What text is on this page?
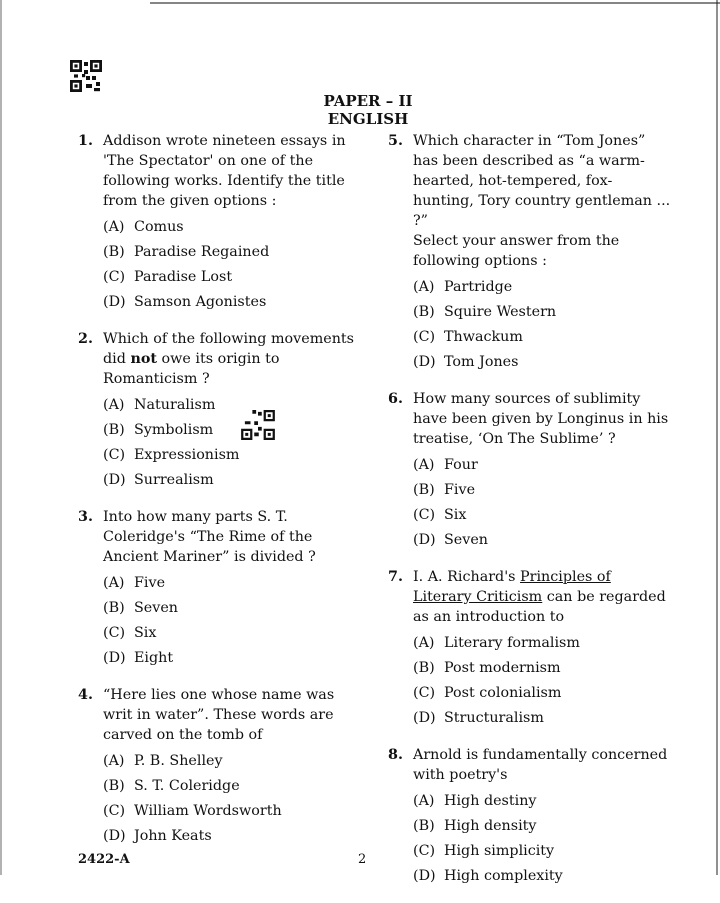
PAPER – II
ENGLISH
1. Addison wrote nineteen essays in 'The Spectator' on one of the following works. Identify the title from the given options :
(A) Comus
(B) Paradise Regained
(C) Paradise Lost
(D) Samson Agonistes
2. Which of the following movements did not owe its origin to Romanticism ?
(A) Naturalism
(B) Symbolism
(C) Expressionism
(D) Surrealism
3. Into how many parts S. T. Coleridge's “The Rime of the Ancient Mariner” is divided ?
(A) Five
(B) Seven
(C) Six
(D) Eight
4. “Here lies one whose name was writ in water”. These words are carved on the tomb of
(A) P. B. Shelley
(B) S. T. Coleridge
(C) William Wordsworth
(D) John Keats
5. Which character in “Tom Jones” has been described as “a warm-hearted, hot-tempered, fox-hunting, Tory country gentleman ... ?”
Select your answer from the following options :
(A) Partridge
(B) Squire Western
(C) Thwackum
(D) Tom Jones
6. How many sources of sublimity have been given by Longinus in his treatise, ‘On The Sublime’ ?
(A) Four
(B) Five
(C) Six
(D) Seven
7. I. A. Richard's Principles of Literary Criticism can be regarded as an introduction to
(A) Literary formalism
(B) Post modernism
(C) Post colonialism
(D) Structuralism
8. Arnold is fundamentally concerned with poetry's
(A) High destiny
(B) High density
(C) High simplicity
(D) High complexity
2422-A	2
